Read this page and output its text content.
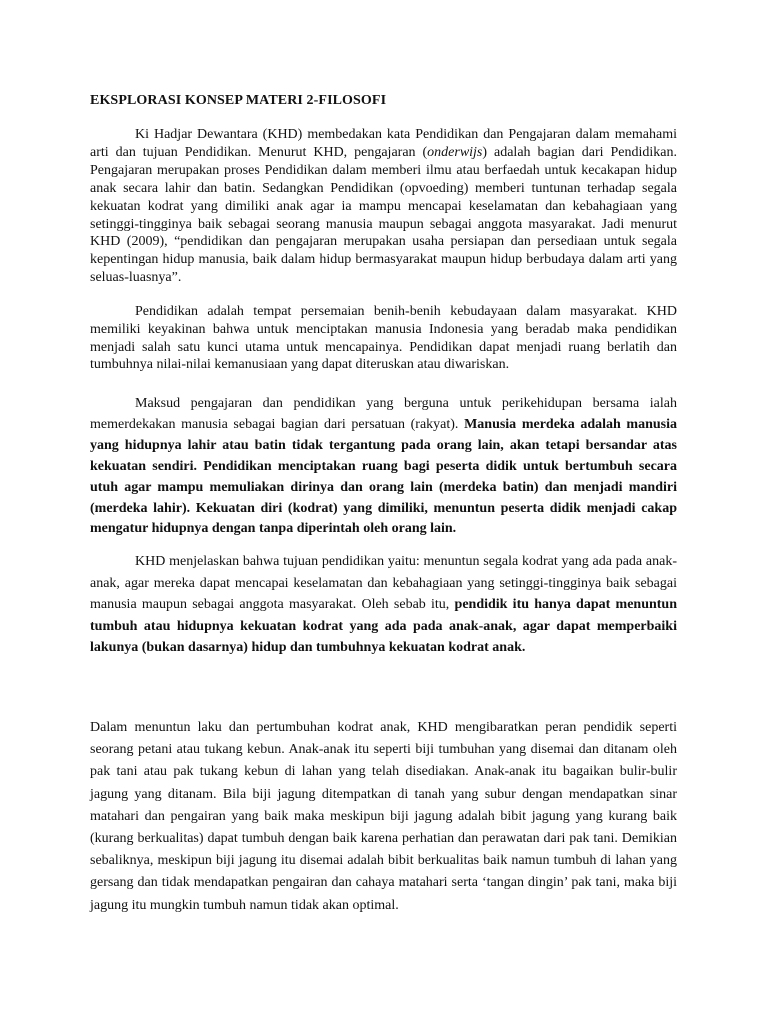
EKSPLORASI KONSEP MATERI 2-FILOSOFI

Ki Hadjar Dewantara (KHD) membedakan kata Pendidikan dan Pengajaran dalam memahami arti dan tujuan Pendidikan. Menurut KHD, pengajaran (onderwijs) adalah bagian dari Pendidikan. Pengajaran merupakan proses Pendidikan dalam memberi ilmu atau berfaedah untuk kecakapan hidup anak secara lahir dan batin. Sedangkan Pendidikan (opvoeding) memberi tuntunan terhadap segala kekuatan kodrat yang dimiliki anak agar ia mampu mencapai keselamatan dan kebahagiaan yang setinggi-tingginya baik sebagai seorang manusia maupun sebagai anggota masyarakat. Jadi menurut KHD (2009), “pendidikan dan pengajaran merupakan usaha persiapan dan persediaan untuk segala kepentingan hidup manusia, baik dalam hidup bermasyarakat maupun hidup berbudaya dalam arti yang seluas-luasnya”.

Pendidikan adalah tempat persemaian benih-benih kebudayaan dalam masyarakat. KHD memiliki keyakinan bahwa untuk menciptakan manusia Indonesia yang beradab maka pendidikan menjadi salah satu kunci utama untuk mencapainya. Pendidikan dapat menjadi ruang berlatih dan tumbuhnya nilai-nilai kemanusiaan yang dapat diteruskan atau diwariskan.

Maksud pengajaran dan pendidikan yang berguna untuk perikehidupan bersama ialah memerdekakan manusia sebagai bagian dari persatuan (rakyat). Manusia merdeka adalah manusia yang hidupnya lahir atau batin tidak tergantung pada orang lain, akan tetapi bersandar atas kekuatan sendiri. Pendidikan menciptakan ruang bagi peserta didik untuk bertumbuh secara utuh agar mampu memuliakan dirinya dan orang lain (merdeka batin) dan menjadi mandiri (merdeka lahir). Kekuatan diri (kodrat) yang dimiliki, menuntun peserta didik menjadi cakap mengatur hidupnya dengan tanpa diperintah oleh orang lain.

KHD menjelaskan bahwa tujuan pendidikan yaitu: menuntun segala kodrat yang ada pada anak-anak, agar mereka dapat mencapai keselamatan dan kebahagiaan yang setinggi-tingginya baik sebagai manusia maupun sebagai anggota masyarakat. Oleh sebab itu, pendidik itu hanya dapat menuntun tumbuh atau hidupnya kekuatan kodrat yang ada pada anak-anak, agar dapat memperbaiki lakunya (bukan dasarnya) hidup dan tumbuhnya kekuatan kodrat anak.

Dalam menuntun laku dan pertumbuhan kodrat anak, KHD mengibaratkan peran pendidik seperti seorang petani atau tukang kebun. Anak-anak itu seperti biji tumbuhan yang disemai dan ditanam oleh pak tani atau pak tukang kebun di lahan yang telah disediakan. Anak-anak itu bagaikan bulir-bulir jagung yang ditanam. Bila biji jagung ditempatkan di tanah yang subur dengan mendapatkan sinar matahari dan pengairan yang baik maka meskipun biji jagung adalah bibit jagung yang kurang baik (kurang berkualitas) dapat tumbuh dengan baik karena perhatian dan perawatan dari pak tani. Demikian sebaliknya, meskipun biji jagung itu disemai adalah bibit berkualitas baik namun tumbuh di lahan yang gersang dan tidak mendapatkan pengairan dan cahaya matahari serta ‘tangan dingin’ pak tani, maka biji jagung itu mungkin tumbuh namun tidak akan optimal.
